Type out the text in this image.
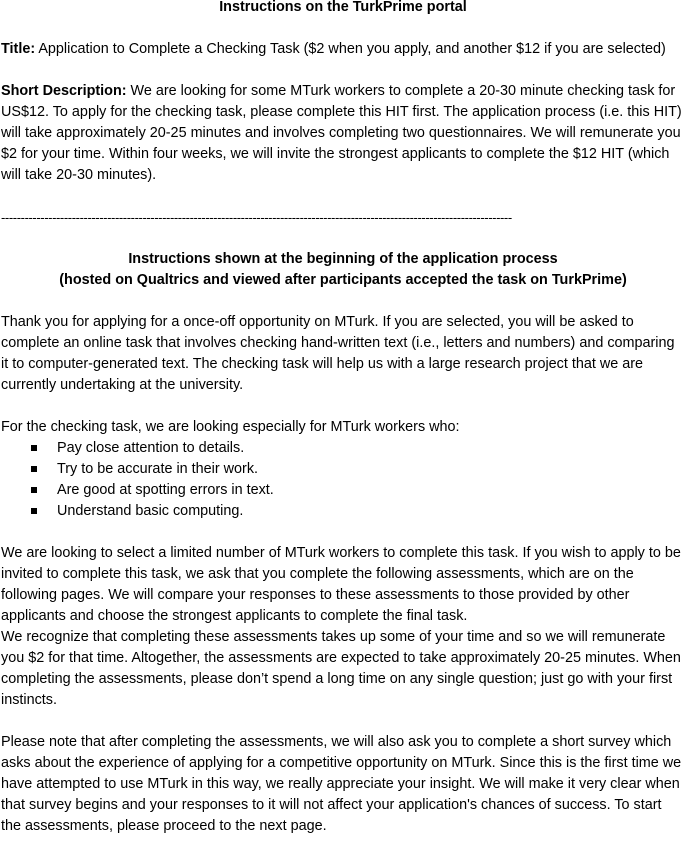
Instructions on the TurkPrime portal

Title: Application to Complete a Checking Task ($2 when you apply, and another $12 if you are selected)

Short Description: We are looking for some MTurk workers to complete a 20-30 minute checking task for US$12. To apply for the checking task, please complete this HIT first. The application process (i.e. this HIT) will take approximately 20-25 minutes and involves completing two questionnaires. We will remunerate you $2 for your time. Within four weeks, we will invite the strongest applicants to complete the $12 HIT (which will take 20-30 minutes).

----------------------------------------------------------------------------------------------------------------------------------

Instructions shown at the beginning of the application process

(hosted on Qualtrics and viewed after participants accepted the task on TurkPrime)

Thank you for applying for a once-off opportunity on MTurk. If you are selected, you will be asked to complete an online task that involves checking hand-written text (i.e., letters and numbers) and comparing it to computer-generated text. The checking task will help us with a large research project that we are currently undertaking at the university.

For the checking task, we are looking especially for MTurk workers who:

Pay close attention to details.
Try to be accurate in their work.
Are good at spotting errors in text.
Understand basic computing.

We are looking to select a limited number of MTurk workers to complete this task. If you wish to apply to be invited to complete this task, we ask that you complete the following assessments, which are on the following pages. We will compare your responses to these assessments to those provided by other applicants and choose the strongest applicants to complete the final task.

We recognize that completing these assessments takes up some of your time and so we will remunerate you $2 for that time. Altogether, the assessments are expected to take approximately 20-25 minutes. When completing the assessments, please don’t spend a long time on any single question; just go with your first instincts.

Please note that after completing the assessments, we will also ask you to complete a short survey which asks about the experience of applying for a competitive opportunity on MTurk. Since this is the first time we have attempted to use MTurk in this way, we really appreciate your insight. We will make it very clear when that survey begins and your responses to it will not affect your application's chances of success. To start the assessments, please proceed to the next page.
